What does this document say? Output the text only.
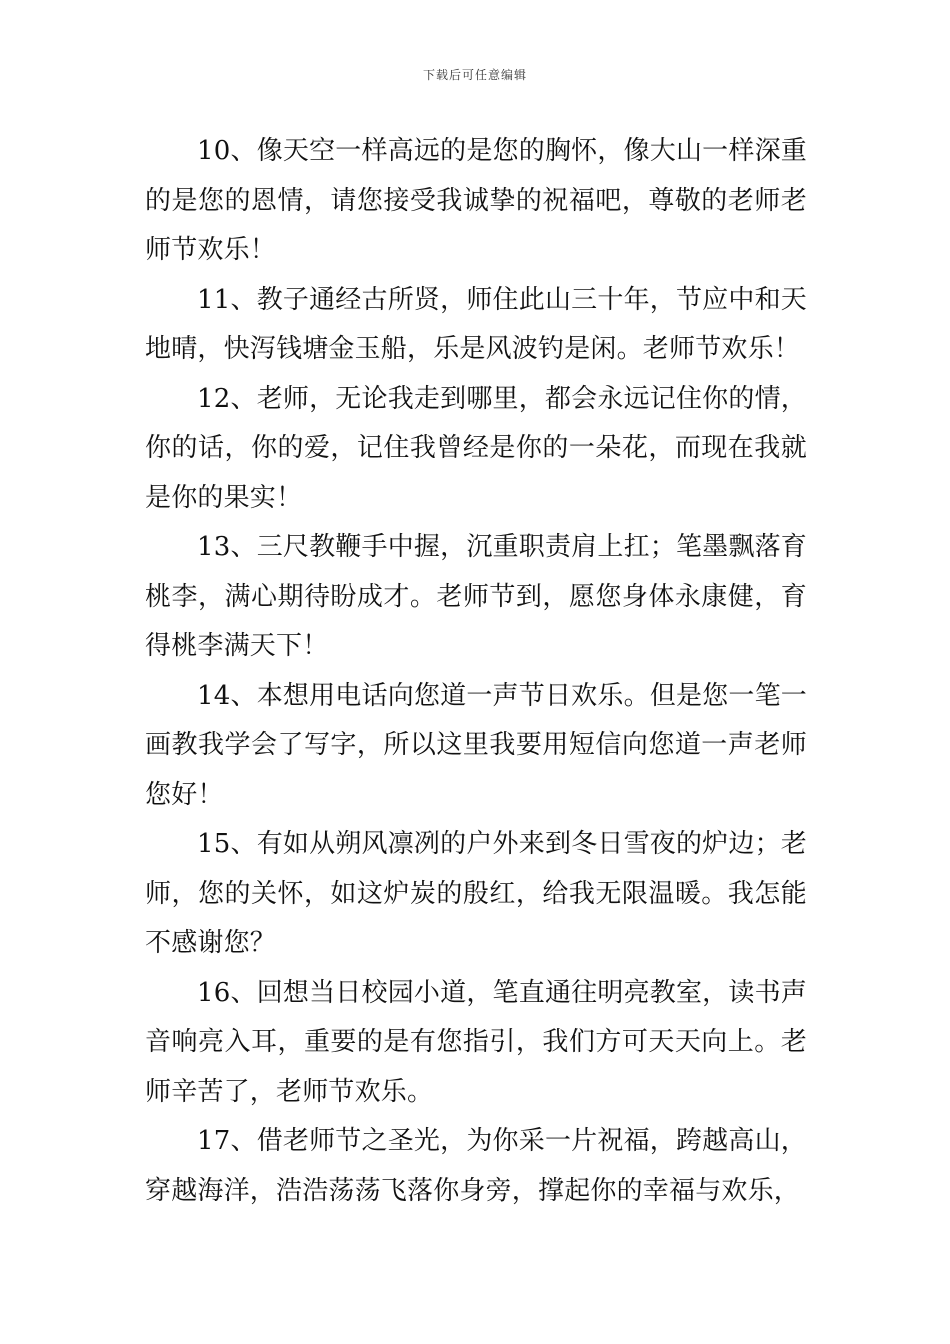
下载后可任意编辑

10、像天空一样高远的是您的胸怀，像大山一样深重的是您的恩情，请您接受我诚挚的祝福吧，尊敬的老师老师节欢乐！

11、教子通经古所贤，师住此山三十年，节应中和天地晴，快泻钱塘金玉船，乐是风波钓是闲。老师节欢乐！

12、老师，无论我走到哪里，都会永远记住你的情，你的话，你的爱，记住我曾经是你的一朵花，而现在我就是你的果实！

13、三尺教鞭手中握，沉重职责肩上扛；笔墨飘落育桃李，满心期待盼成才。老师节到，愿您身体永康健，育得桃李满天下！

14、本想用电话向您道一声节日欢乐。但是您一笔一画教我学会了写字，所以这里我要用短信向您道一声老师您好！

15、有如从朔风凛冽的户外来到冬日雪夜的炉边；老师，您的关怀，如这炉炭的殷红，给我无限温暖。我怎能不感谢您？

16、回想当日校园小道，笔直通往明亮教室，读书声音响亮入耳，重要的是有您指引，我们方可天天向上。老师辛苦了，老师节欢乐。

17、借老师节之圣光，为你采一片祝福，跨越高山，穿越海洋，浩浩荡荡飞落你身旁，撑起你的幸福与欢乐，
